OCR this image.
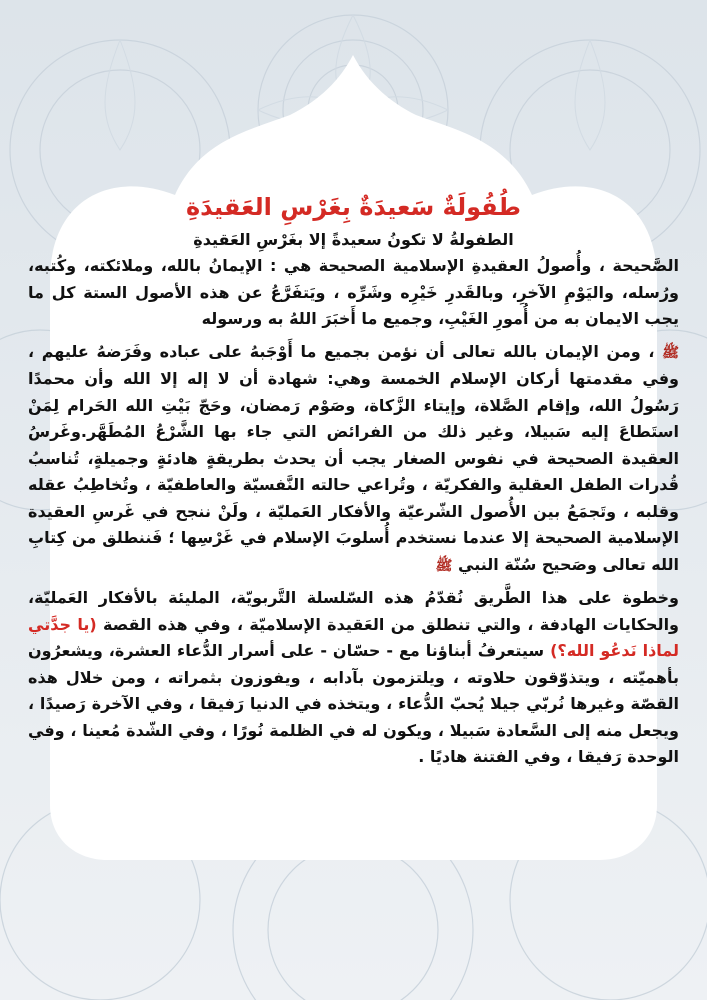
طُفُولَةٌ سَعيدَةٌ بِغَرْسِ العَقيدَةِ

الطفولةُ لا تكونُ سعيدةً إلا بغَرْسِ العَقيدةِ

الصَّحيحة ، وأُصولُ العقيدةِ الإسلامية الصحيحة هي : الإيمانُ بالله، وملائكته، وكُتبه، ورُسله، واليَوْمِ الآخرِ، وبالقَدرِ خَيْرِه وشَرِّه ، ويَتفَرَّعُ عن هذه الأصول الستة كل ما يجب الايمان به من أُمورِ الغَيْبِ، وجميع ما أَخبَرَ اللهُ به ورسوله

ﷺ ، ومن الإيمان بالله تعالى أن نؤمن بجميع ما أَوْجَبهُ على عباده وفَرَضهُ عليهم ، وفي مقدمتها أركان الإسلام الخمسة وهي: شهادة أن لا إله إلا الله وأن محمدًا رَسُولُ الله، وإقام الصَّلاة، وإيتاء الزَّكاة، وصَوْم رَمضان، وحَجّ بَيْتِ الله الحَرام لِمَنْ استَطاعَ إليه سَبيلا، وغير ذلك من الفرائض التي جاء بها الشَّرْعُ المُطَهَّر.وغَرسُ العقيدة الصحيحة في نفوس الصغار يجب أن يحدث بطريقةٍ هادئةٍ وجميلةٍ، تُناسبُ قُدرات الطفل العقلية والفكريّة ، وتُراعي حالته النَّفسيّة والعاطفيّة ، وتُخاطِبُ عقله وقلبه ، وتَجمَعُ بين الأُصول الشّرعيّة والأفكار العَمليّة ، ولَنْ ننجح في غَرسِ العقيدة الإسلامية الصحيحة إلا عندما نستخدم أُسلوبَ الإسلام في غَرْسِها ؛ فَننطلق من كِتابِ الله تعالى وصَحيح سُنّة النبي ﷺ

وخطوة على هذا الطَّريق نُقدّمُ هذه السّلسلة التَّربويّة، المليئة بالأفكار العَمليّة، والحكايات الهادفة ، والتي تنطلق من العَقيدة الإسلاميّة ، وفي هذه القصة (يا جدَّتي لماذا نَدعُو الله؟) سيتعرفُ أبناؤنا مع - حسّان - على أسرار الدُّعاء العشرة، ويشعرُون بأهميّته ، ويتذوّقون حلاوته ، ويلتزمون بآدابه ، ويفوزون بثمراته ، ومن خلال هذه القصّة وغيرها نُربّي جيلا يُحبّ الدُّعاء ، ويتخذه في الدنيا رَفيقا ، وفي الآخرة رَصيدًا ، ويجعل منه إلى السَّعادة سَبيلا ، ويكون له في الظلمة نُورًا ، وفي الشّدة مُعينا ، وفي الوحدة رَفيقا ، وفي الفتنة هاديًا .
